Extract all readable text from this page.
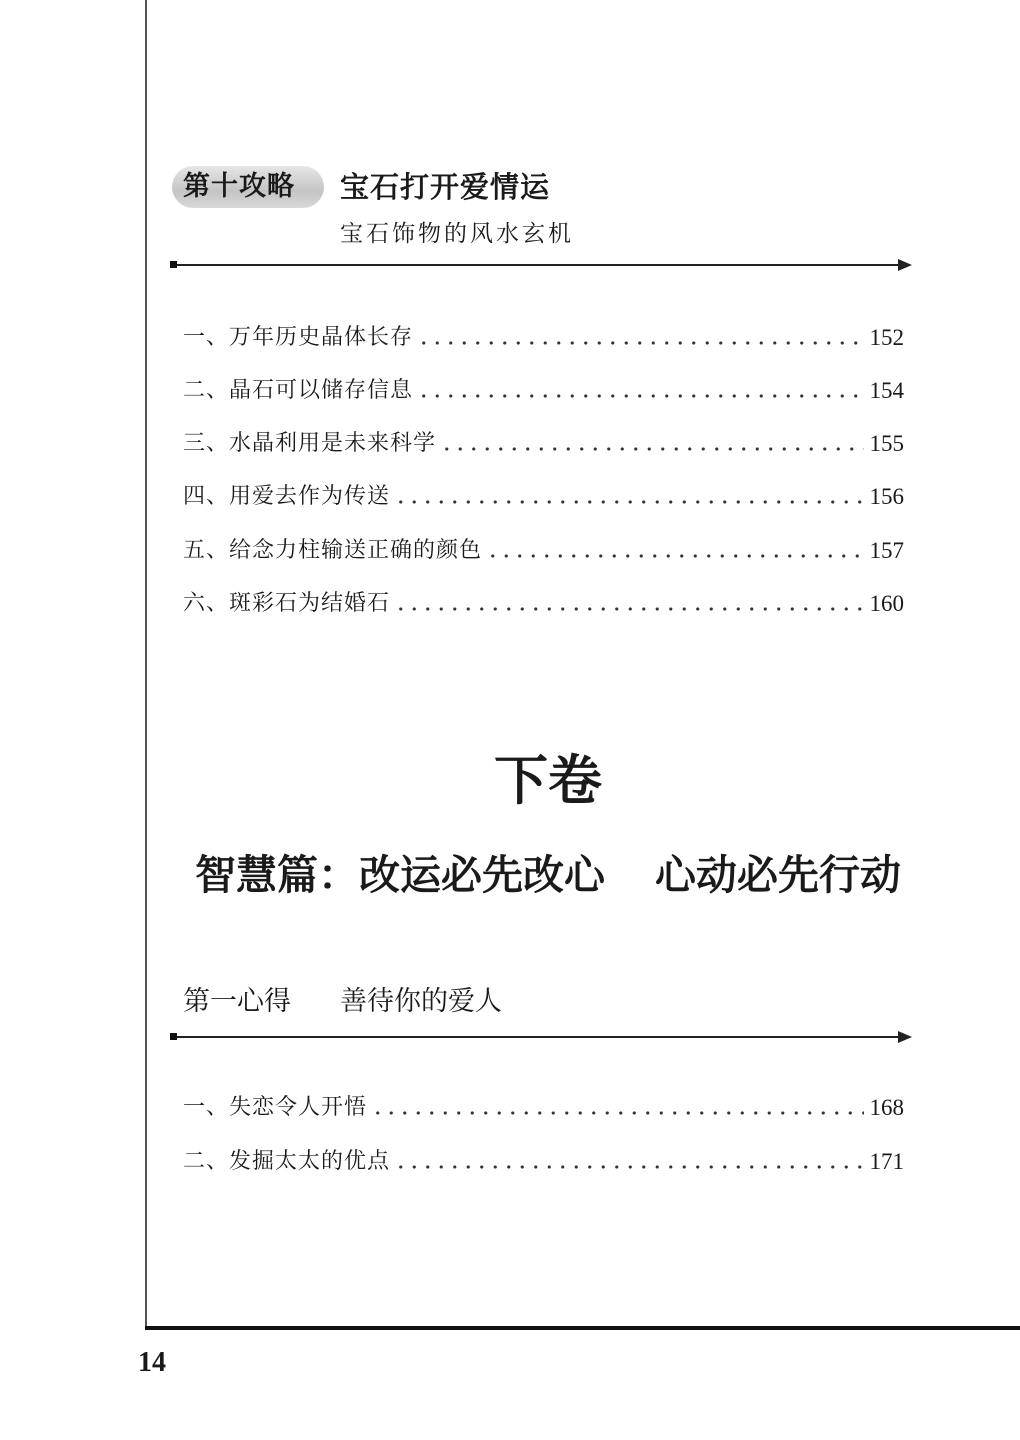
第十攻略 宝石打开爱情运
宝石饰物的风水玄机
一、万年历史晶体长存	152
二、晶石可以储存信息	154
三、水晶利用是未来科学	155
四、用爱去作为传送	156
五、给念力柱输送正确的颜色	157
六、斑彩石为结婚石	160
下卷
智慧篇：改运必先改心 心动必先行动
第一心得 善待你的爱人
一、失恋令人开悟	168
二、发掘太太的优点	171
14
